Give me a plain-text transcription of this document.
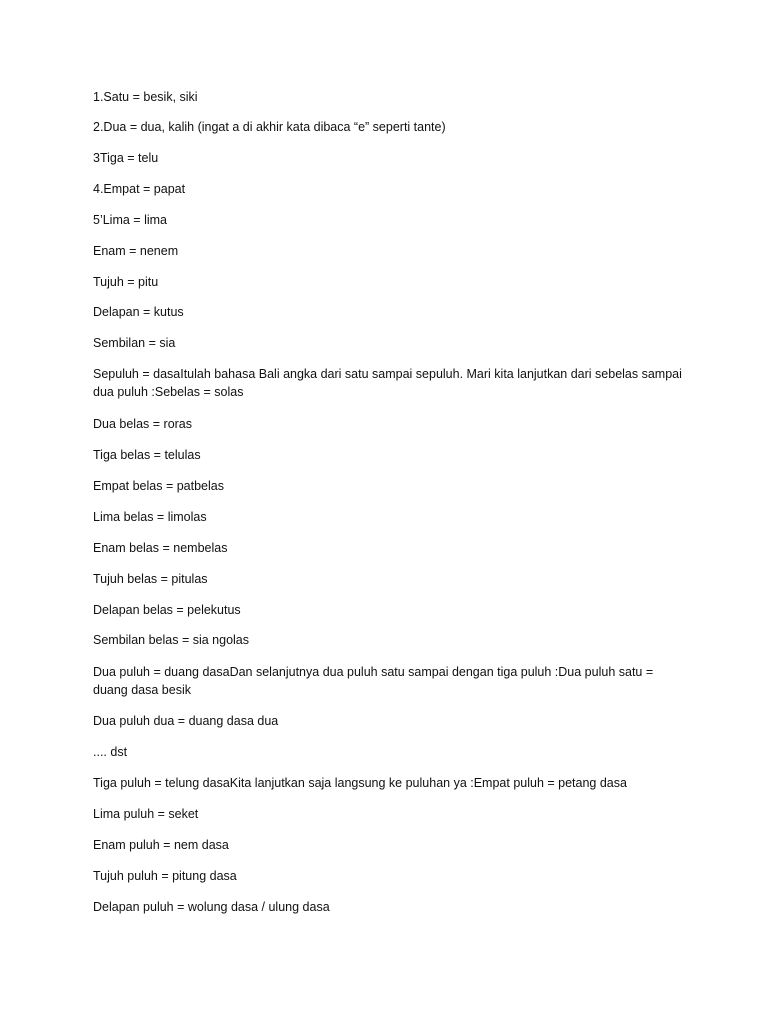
1.Satu = besik, siki
2.Dua = dua, kalih (ingat a di akhir kata dibaca “e” seperti tante)
3Tiga = telu
4.Empat = papat
5’Lima = lima
Enam = nenem
Tujuh = pitu
Delapan = kutus
Sembilan = sia
Sepuluh = dasaItulah bahasa Bali angka dari satu sampai sepuluh. Mari kita lanjutkan dari sebelas sampai dua puluh :Sebelas = solas
Dua belas = roras
Tiga belas = telulas
Empat belas = patbelas
Lima belas = limolas
Enam belas = nembelas
Tujuh belas = pitulas
Delapan belas = pelekutus
Sembilan belas = sia ngolas
Dua puluh = duang dasaDan selanjutnya dua puluh satu sampai dengan tiga puluh :Dua puluh satu = duang dasa besik
Dua puluh dua = duang dasa dua
.... dst
Tiga puluh = telung dasaKita lanjutkan saja langsung ke puluhan ya :Empat puluh = petang dasa
Lima puluh = seket
Enam puluh = nem dasa
Tujuh puluh = pitung dasa
Delapan puluh = wolung dasa / ulung dasa
